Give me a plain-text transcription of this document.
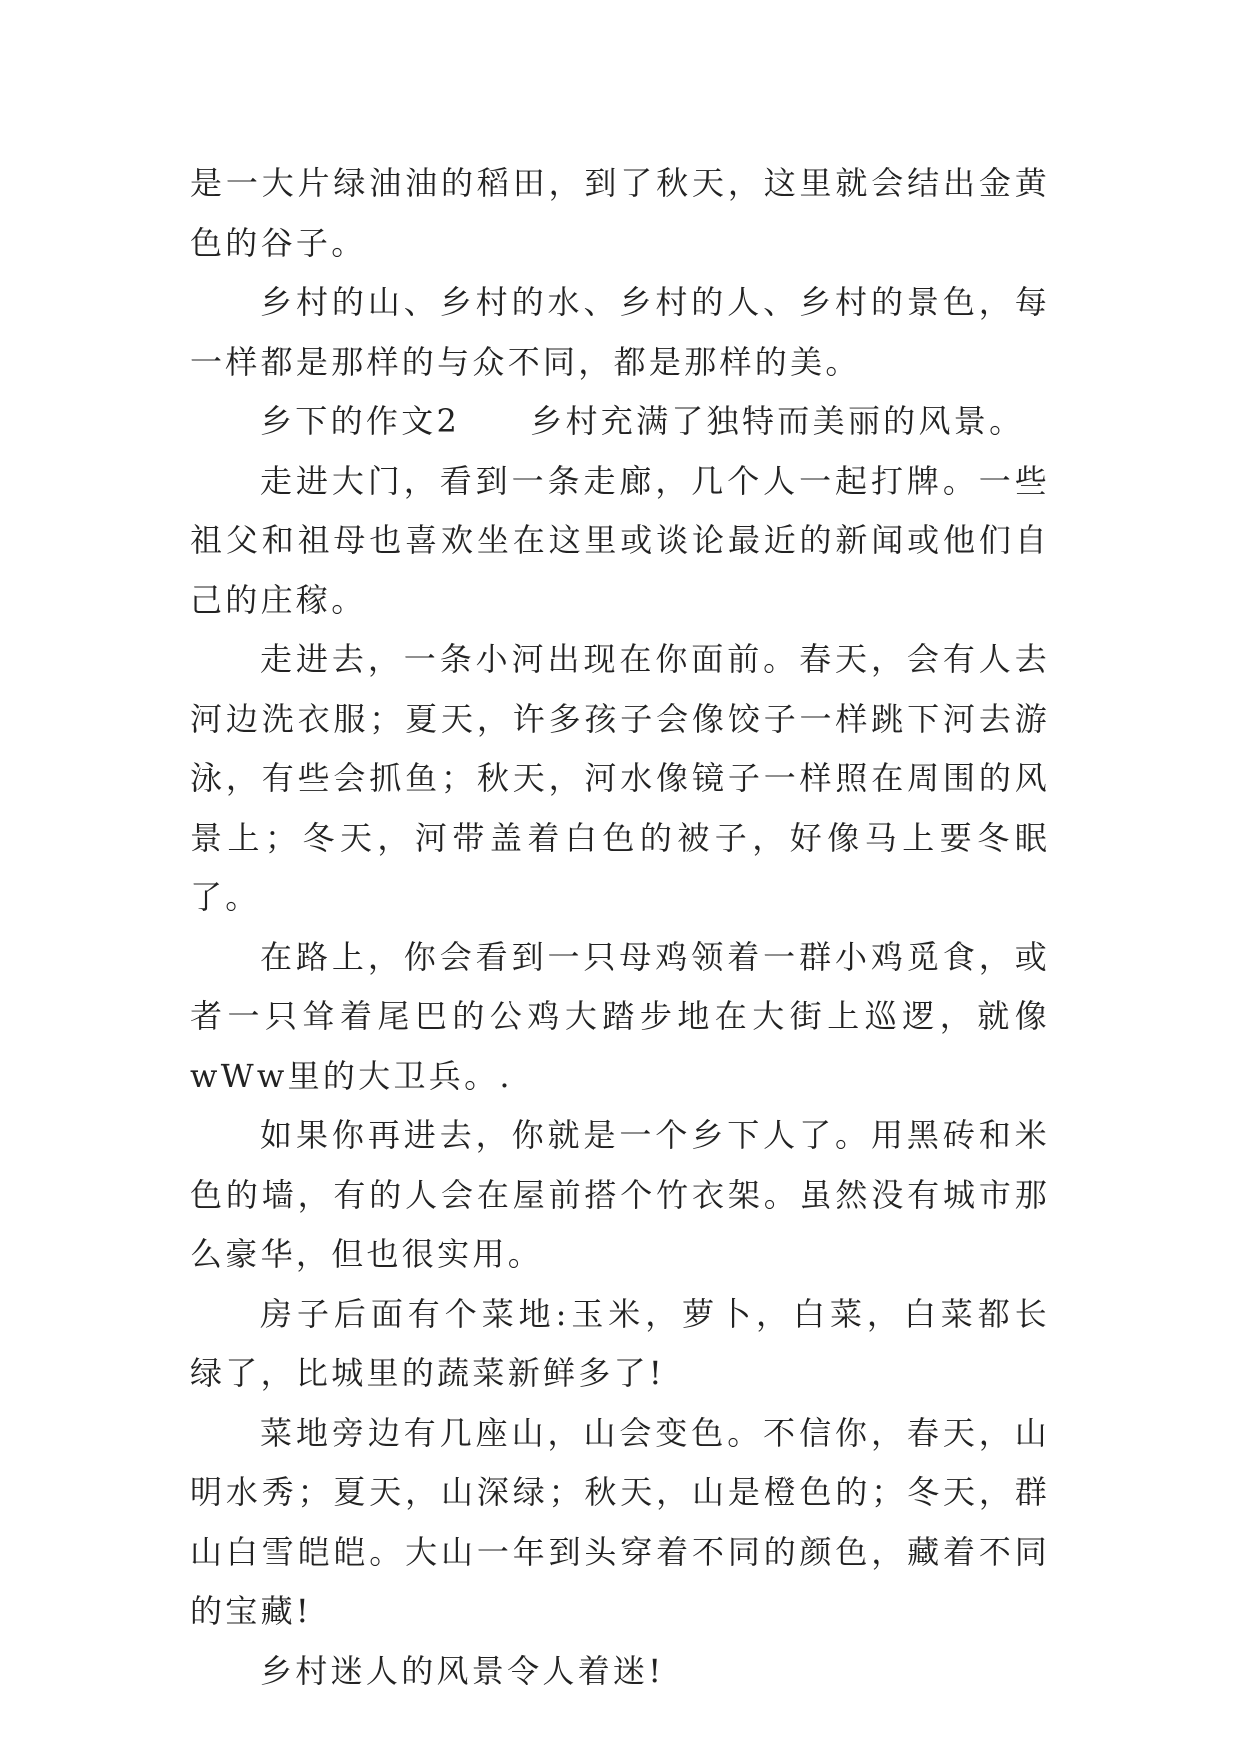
是一大片绿油油的稻田，到了秋天，这里就会结出金黄色的谷子。

乡村的山、乡村的水、乡村的人、乡村的景色，每一样都是那样的与众不同，都是那样的美。

乡下的作文2 乡村充满了独特而美丽的风景。

走进大门，看到一条走廊，几个人一起打牌。一些祖父和祖母也喜欢坐在这里或谈论最近的新闻或他们自己的庄稼。

走进去，一条小河出现在你面前。春天，会有人去河边洗衣服；夏天，许多孩子会像饺子一样跳下河去游泳，有些会抓鱼；秋天，河水像镜子一样照在周围的风景上；冬天，河带盖着白色的被子，好像马上要冬眠了。

在路上，你会看到一只母鸡领着一群小鸡觅食，或者一只耸着尾巴的公鸡大踏步地在大街上巡逻，就像wWw里的大卫兵。.

如果你再进去，你就是一个乡下人了。用黑砖和米色的墙，有的人会在屋前搭个竹衣架。虽然没有城市那么豪华，但也很实用。

房子后面有个菜地:玉米，萝卜，白菜，白菜都长绿了，比城里的蔬菜新鲜多了!

菜地旁边有几座山，山会变色。不信你，春天，山明水秀；夏天，山深绿；秋天，山是橙色的；冬天，群山白雪皑皑。大山一年到头穿着不同的颜色，藏着不同的宝藏!

乡村迷人的风景令人着迷!
